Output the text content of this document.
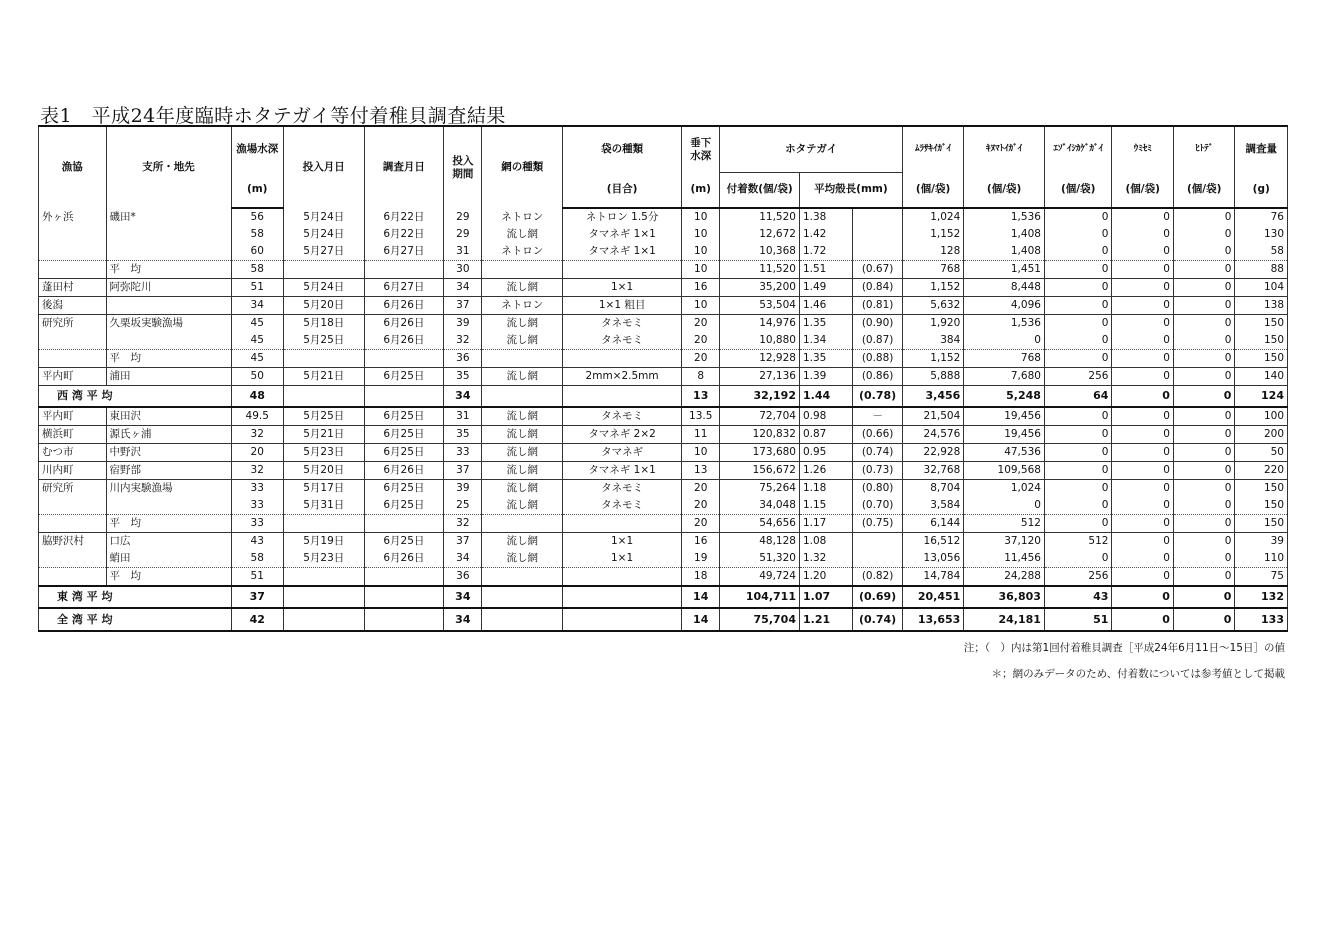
表1　平成24年度臨時ホタテガイ等付着稚貝調査結果
漁協	支所・地先	漁場水深	投入月日	調査月日	投入期間	網の種類	袋の種類	垂下水深	ホタテガイ			ﾑﾗｻｷｲｶﾞｲ	ｷﾇﾏﾄｲｶﾞｲ	ｴｿﾞｲｼｶｹﾞｶﾞｲ	ｳﾐｾﾐ	ﾋﾄﾃﾞ	調査量
		(m)					(目合)	(m)	付着数(個/袋)	平均殻長(mm)		(個/袋)	(個/袋)	(個/袋)	(個/袋)	(個/袋)	(g)
外ヶ浜	磯田*	56	5月24日	6月22日	29	ネトロン	ネトロン 1.5分	10	11,520	1.38		1,024	1,536	0	0	0	76
		58	5月24日	6月22日	29	流し網	タマネギ 1×1	10	12,672	1.42		1,152	1,408	0	0	0	130
		60	5月27日	6月27日	31	ネトロン	タマネギ 1×1	10	10,368	1.72		128	1,408	0	0	0	58
	平　均	58			30			10	11,520	1.51	(0.67)	768	1,451	0	0	0	88
蓬田村	阿弥陀川	51	5月24日	6月27日	34	流し網	1×1	16	35,200	1.49	(0.84)	1,152	8,448	0	0	0	104
後潟		34	5月20日	6月26日	37	ネトロン	1×1 粗目	10	53,504	1.46	(0.81)	5,632	4,096	0	0	0	138
研究所	久栗坂実験漁場	45	5月18日	6月26日	39	流し網	タネモミ	20	14,976	1.35	(0.90)	1,920	1,536	0	0	0	150
		45	5月25日	6月26日	32	流し網	タネモミ	20	10,880	1.34	(0.87)	384	0	0	0	0	150
	平　均	45			36			20	12,928	1.35	(0.88)	1,152	768	0	0	0	150
平内町	浦田	50	5月21日	6月25日	35	流し網	2mm×2.5mm	8	27,136	1.39	(0.86)	5,888	7,680	256	0	0	140
西 湾 平 均		48			34			13	32,192	1.44	(0.78)	3,456	5,248	64	0	0	124
平内町	東田沢	49.5	5月25日	6月25日	31	流し網	タネモミ	13.5	72,704	0.98	－	21,504	19,456	0	0	0	100
横浜町	源氏ヶ浦	32	5月21日	6月25日	35	流し網	タマネギ 2×2	11	120,832	0.87	(0.66)	24,576	19,456	0	0	0	200
むつ市	中野沢	20	5月23日	6月25日	33	流し網	タマネギ	10	173,680	0.95	(0.74)	22,928	47,536	0	0	0	50
川内町	宿野部	32	5月20日	6月26日	37	流し網	タマネギ 1×1	13	156,672	1.26	(0.73)	32,768	109,568	0	0	0	220
研究所	川内実験漁場	33	5月17日	6月25日	39	流し網	タネモミ	20	75,264	1.18	(0.80)	8,704	1,024	0	0	0	150
		33	5月31日	6月25日	25	流し網	タネモミ	20	34,048	1.15	(0.70)	3,584	0	0	0	0	150
	平　均	33			32			20	54,656	1.17	(0.75)	6,144	512	0	0	0	150
脇野沢村	口広	43	5月19日	6月25日	37	流し網	1×1	16	48,128	1.08		16,512	37,120	512	0	0	39
	蛸田	58	5月23日	6月26日	34	流し網	1×1	19	51,320	1.32		13,056	11,456	0	0	0	110
	平　均	51			36			18	49,724	1.20	(0.82)	14,784	24,288	256	0	0	75
東 湾 平 均		37			34			14	104,711	1.07	(0.69)	20,451	36,803	43	0	0	132
全 湾 平 均		42			34			14	75,704	1.21	(0.74)	13,653	24,181	51	0	0	133
注；（　）内は第1回付着稚貝調査［平成24年6月11日～15日］の値
＊；網のみデータのため、付着数については参考値として掲載
